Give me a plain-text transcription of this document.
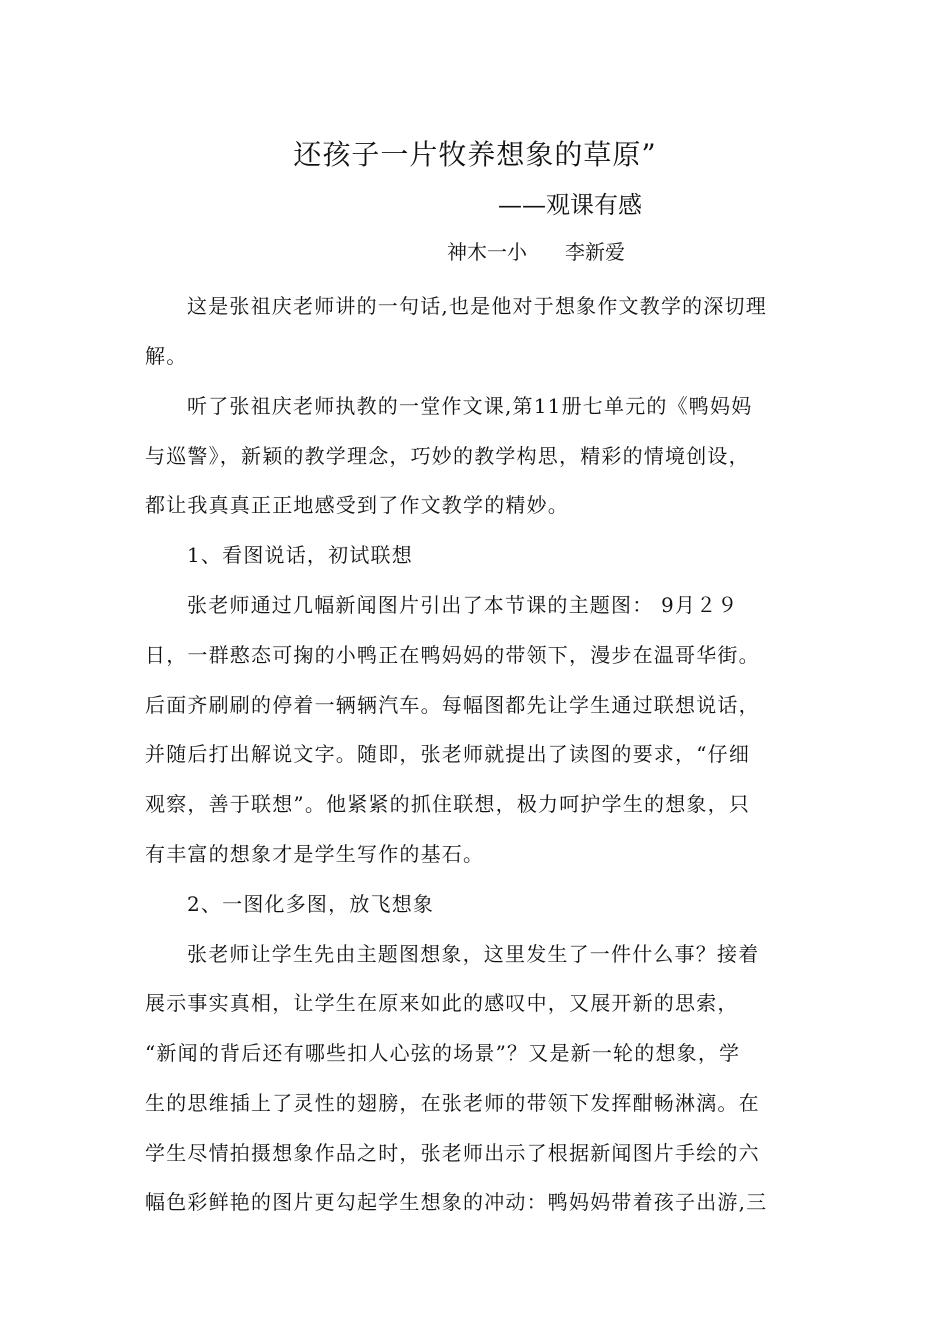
还孩子一片牧养想象的草原”
——观课有感
神木一小 李新爱
这是张祖庆老师讲的一句话,也是他对于想象作文教学的深切理
解。
听了张祖庆老师执教的一堂作文课,第11册七单元的《鸭妈妈
与巡警》，新颖的教学理念，巧妙的教学构思，精彩的情境创设，
都让我真真正正地感受到了作文教学的精妙。
1、看图说话，初试联想
张老师通过几幅新闻图片引出了本节课的主题图： 9月２９
日，一群憨态可掬的小鸭正在鸭妈妈的带领下，漫步在温哥华街。
后面齐刷刷的停着一辆辆汽车。每幅图都先让学生通过联想说话，
并随后打出解说文字。随即，张老师就提出了读图的要求，“仔细
观察，善于联想”。他紧紧的抓住联想，极力呵护学生的想象，只
有丰富的想象才是学生写作的基石。
2、一图化多图，放飞想象
张老师让学生先由主题图想象，这里发生了一件什么事？接着
展示事实真相，让学生在原来如此的感叹中，又展开新的思索，
“新闻的背后还有哪些扣人心弦的场景”？又是新一轮的想象，学
生的思维插上了灵性的翅膀，在张老师的带领下发挥酣畅淋漓。在
学生尽情拍摄想象作品之时，张老师出示了根据新闻图片手绘的六
幅色彩鲜艳的图片更勾起学生想象的冲动：鸭妈妈带着孩子出游,三
